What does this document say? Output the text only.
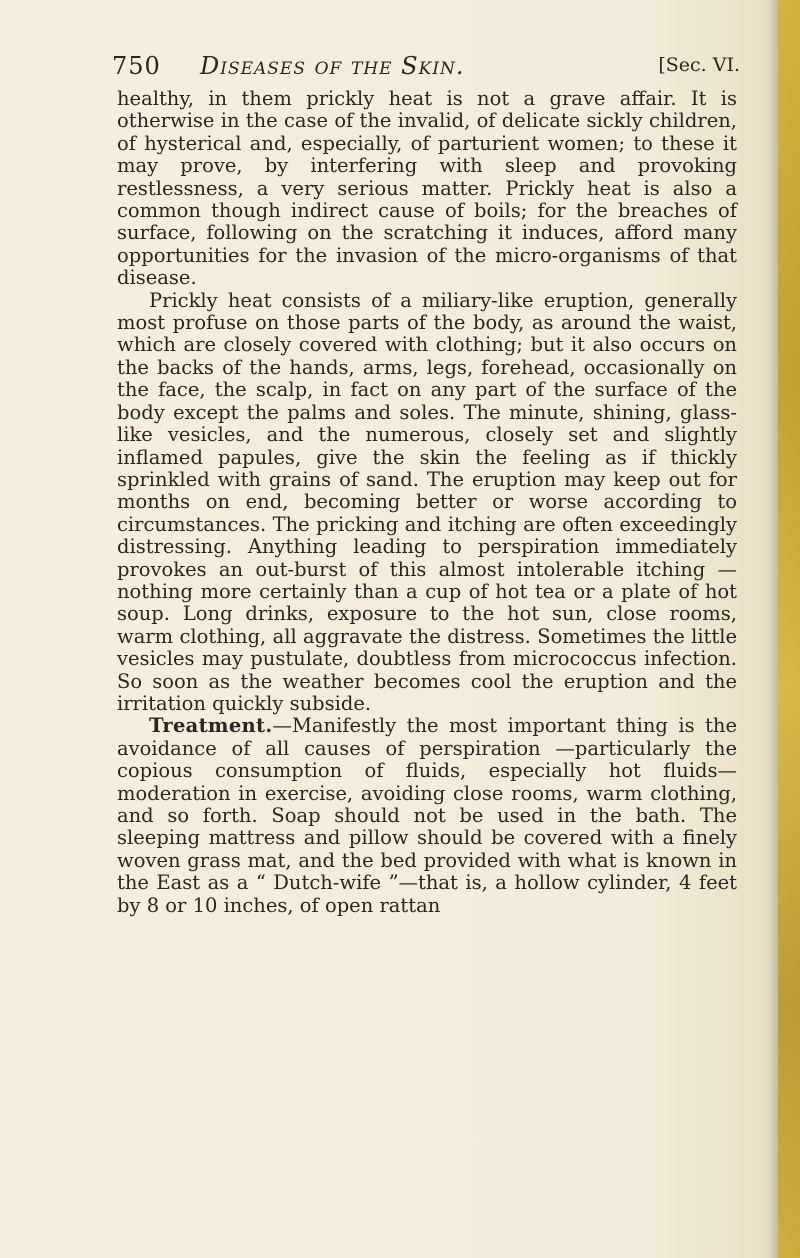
750 Diseases of the Skin.	[Sec. VI.

healthy, in them prickly heat is not a grave affair. It is otherwise in the case of the invalid, of delicate sickly children, of hysterical and, especially, of parturient women; to these it may prove, by interfering with sleep and provoking restlessness, a very serious matter. Prickly heat is also a common though indirect cause of boils; for the breaches of surface, following on the scratching it induces, afford many opportunities for the invasion of the micro-organisms of that disease.

Prickly heat consists of a miliary-like eruption, generally most profuse on those parts of the body, as around the waist, which are closely covered with clothing; but it also occurs on the backs of the hands, arms, legs, forehead, occasionally on the face, the scalp, in fact on any part of the surface of the body except the palms and soles. The minute, shining, glass-like vesicles, and the numerous, closely set and slightly inflamed papules, give the skin the feeling as if thickly sprinkled with grains of sand. The eruption may keep out for months on end, becoming better or worse according to circumstances. The pricking and itching are often exceedingly distressing. Anything leading to perspiration immediately provokes an out-burst of this almost intolerable itching — nothing more certainly than a cup of hot tea or a plate of hot soup. Long drinks, exposure to the hot sun, close rooms, warm clothing, all aggravate the distress. Sometimes the little vesicles may pustulate, doubtless from micrococcus infection. So soon as the weather becomes cool the eruption and the irritation quickly subside.

Treatment.—Manifestly the most important thing is the avoidance of all causes of perspiration —particularly the copious consumption of fluids, especially hot fluids—moderation in exercise, avoiding close rooms, warm clothing, and so forth. Soap should not be used in the bath. The sleeping mattress and pillow should be covered with a finely woven grass mat, and the bed provided with what is known in the East as a “ Dutch-wife ”—that is, a hollow cylinder, 4 feet by 8 or 10 inches, of open rattan
